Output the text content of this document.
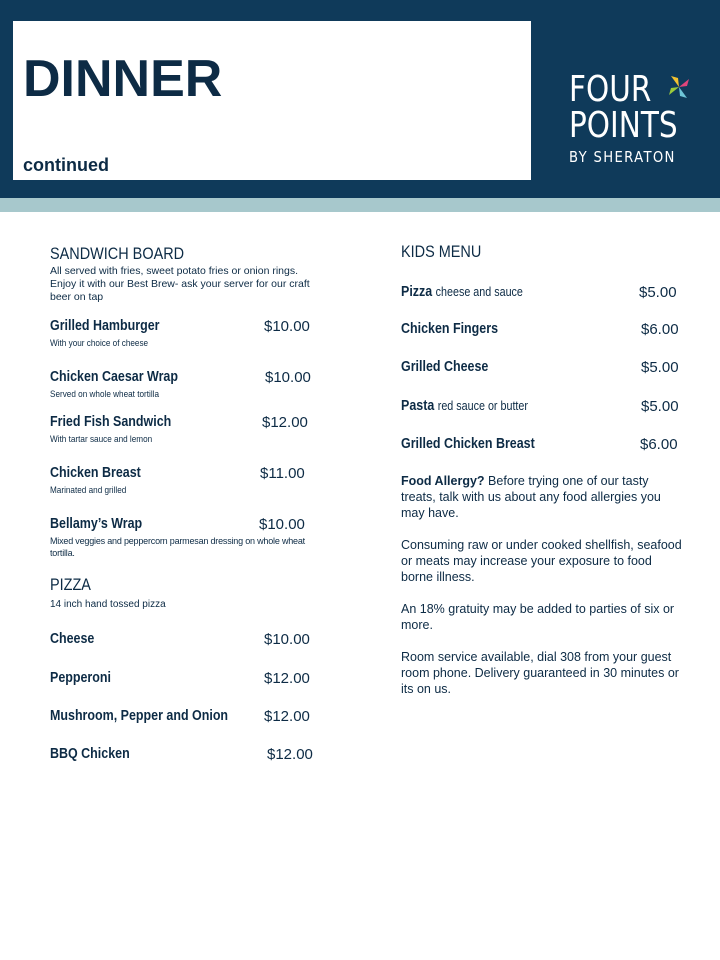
DINNER
continued
FOUR
POINTS
BY SHERATON
SANDWICH BOARD
All served with fries, sweet potato fries or onion rings. Enjoy it with our Best Brew- ask your server for our craft beer on tap
Grilled Hamburger
With your choice of cheese
$10.00
Chicken Caesar Wrap
Served on whole wheat tortilla
$10.00
Fried Fish Sandwich
With tartar sauce and lemon
$12.00
Chicken Breast
Marinated and grilled
$11.00
Bellamy’s Wrap
Mixed veggies and peppercorn parmesan dressing on whole wheat tortilla.
$10.00
PIZZA
14 inch hand tossed pizza
Cheese	$10.00
Pepperoni	$12.00
Mushroom, Pepper and Onion $12.00
BBQ Chicken	$12.00
KIDS MENU
Pizza cheese and sauce	$5.00
Chicken Fingers	$6.00
Grilled Cheese	$5.00
Pasta red sauce or butter	$5.00
Grilled Chicken Breast	$6.00
Food Allergy? Before trying one of our tasty treats, talk with us about any food allergies you may have.
Consuming raw or under cooked shellfish, seafood or meats may increase your exposure to food borne illness.
An 18% gratuity may be added to parties of six or more.
Room service available, dial 308 from your guest room phone. Delivery guaranteed in 30 minutes or its on us.
